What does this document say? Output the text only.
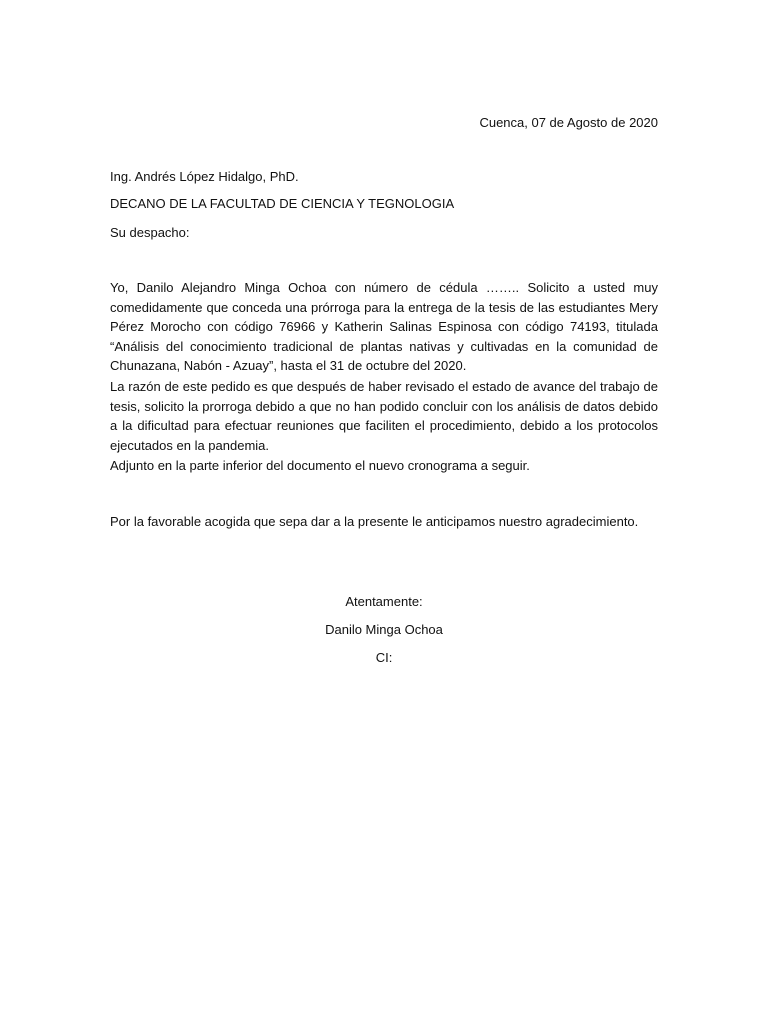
Cuenca, 07 de Agosto de 2020
Ing. Andrés López Hidalgo, PhD.
DECANO DE LA FACULTAD DE CIENCIA Y TEGNOLOGIA
Su despacho:
Yo, Danilo Alejandro Minga Ochoa con número de cédula …….. Solicito a usted muy comedidamente que conceda una prórroga para la entrega de la tesis de las estudiantes Mery Pérez Morocho con código 76966 y Katherin Salinas Espinosa con código 74193, titulada “Análisis del conocimiento tradicional de plantas nativas y cultivadas en la comunidad de Chunazana, Nabón - Azuay”, hasta el 31 de octubre del 2020.
La razón de este pedido es que después de haber revisado el estado de avance del trabajo de tesis, solicito la prorroga debido a que no han podido concluir con los análisis de datos debido a la dificultad para efectuar reuniones que faciliten el procedimiento, debido a los protocolos ejecutados en la pandemia.
Adjunto en la parte inferior del documento el nuevo cronograma a seguir.
Por la favorable acogida que sepa dar a la presente le anticipamos nuestro agradecimiento.
Atentamente:
Danilo Minga Ochoa
CI:
